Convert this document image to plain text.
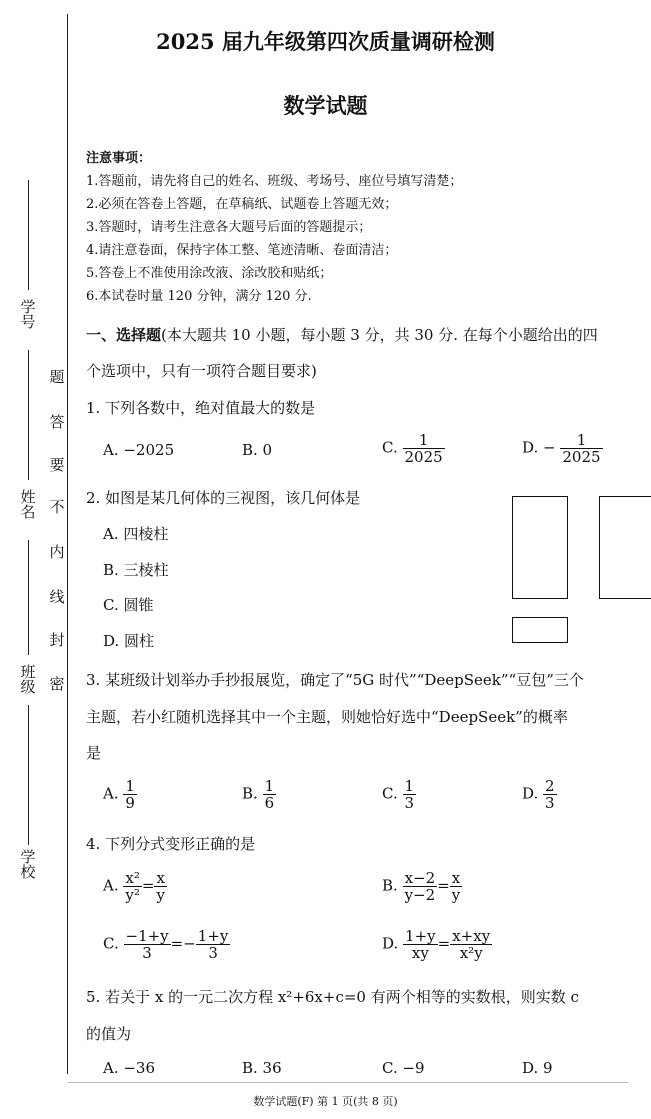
学 号
姓 名
班 级
学 校
题
答
要
不
内
线
封
密
2025 届九年级第四次质量调研检测
数学试题
注意事项：
1.答题前，请先将自己的姓名、班级、考场号、座位号填写清楚；
2.必须在答卷上答题，在草稿纸、试题卷上答题无效；
3.答题时，请考生注意各大题号后面的答题提示；
4.请注意卷面，保持字体工整、笔迹清晰、卷面清洁；
5.答卷上不准使用涂改液、涂改胶和贴纸；
6.本试卷时量 120 分钟，满分 120 分.
一、选择题(本大题共 10 小题，每小题 3 分，共 30 分. 在每个小题给出的四
个选项中，只有一项符合题目要求)
1. 下列各数中，绝对值最大的数是
A. −2025	B. 0	C. $\frac{1}{2025}$	D. − $\frac{1}{2025}$
2. 如图是某几何体的三视图，该几何体是
A. 四棱柱
B. 三棱柱
C. 圆锥
D. 圆柱
3. 某班级计划举办手抄报展览，确定了“5G 时代”“DeepSeek”“豆包”三个
主题，若小红随机选择其中一个主题，则她恰好选中“DeepSeek”的概率
是
A. $\frac{1}{9}$	B. $\frac{1}{6}$	C. $\frac{1}{3}$	D. $\frac{2}{3}$
4. 下列分式变形正确的是
A. $\frac{\text{x²}}{\text{y²}} = \frac{x}{y}$	B. $\frac{x-2}{y-2} = \frac{x}{y}$
C. $\frac{-1+y}{3} =- \frac{1+y}{3}$	D. $\frac{1+y}{xy} = \frac{x+xy}{\text{x²y}}$
5. 若关于 x 的一元二次方程 x²+6x+c=0 有两个相等的实数根，则实数 c
的值为
A. −36	B. 36	C. −9	D. 9
数学试题(F) 第 1 页(共 8 页)
